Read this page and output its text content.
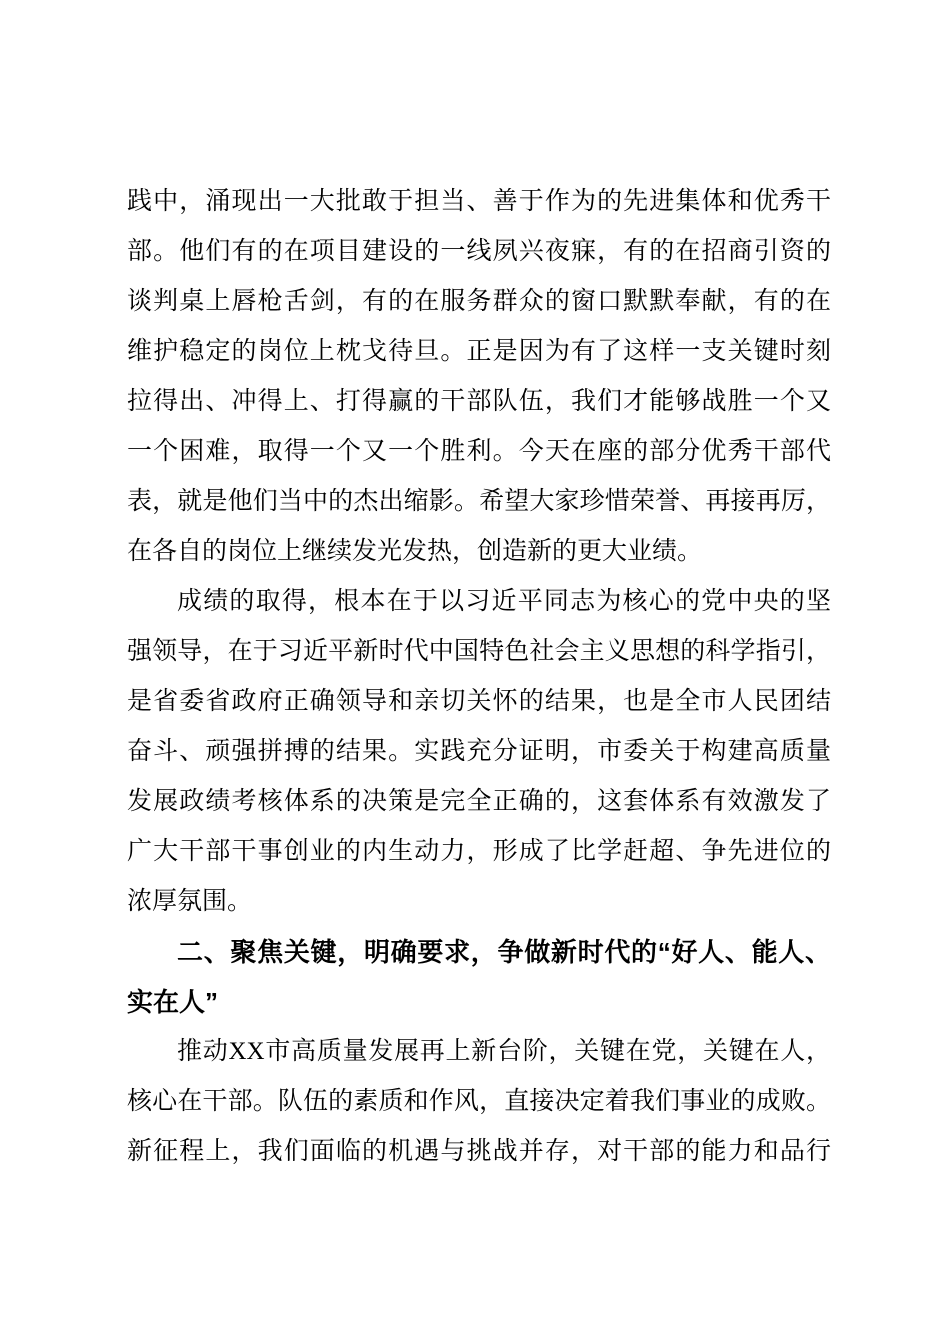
践中，涌现出一大批敢于担当、善于作为的先进集体和优秀干
部。他们有的在项目建设的一线夙兴夜寐，有的在招商引资的
谈判桌上唇枪舌剑，有的在服务群众的窗口默默奉献，有的在
维护稳定的岗位上枕戈待旦。正是因为有了这样一支关键时刻
拉得出、冲得上、打得赢的干部队伍，我们才能够战胜一个又
一个困难，取得一个又一个胜利。今天在座的部分优秀干部代
表，就是他们当中的杰出缩影。希望大家珍惜荣誉、再接再厉，
在各自的岗位上继续发光发热，创造新的更大业绩。
成绩的取得，根本在于以习近平同志为核心的党中央的坚
强领导，在于习近平新时代中国特色社会主义思想的科学指引，
是省委省政府正确领导和亲切关怀的结果，也是全市人民团结
奋斗、顽强拼搏的结果。实践充分证明，市委关于构建高质量
发展政绩考核体系的决策是完全正确的，这套体系有效激发了
广大干部干事创业的内生动力，形成了比学赶超、争先进位的
浓厚氛围。
二、聚焦关键，明确要求，争做新时代的“好人、能人、
实在人”
推动XX市高质量发展再上新台阶，关键在党，关键在人，
核心在干部。队伍的素质和作风，直接决定着我们事业的成败。
新征程上，我们面临的机遇与挑战并存，对干部的能力和品行
